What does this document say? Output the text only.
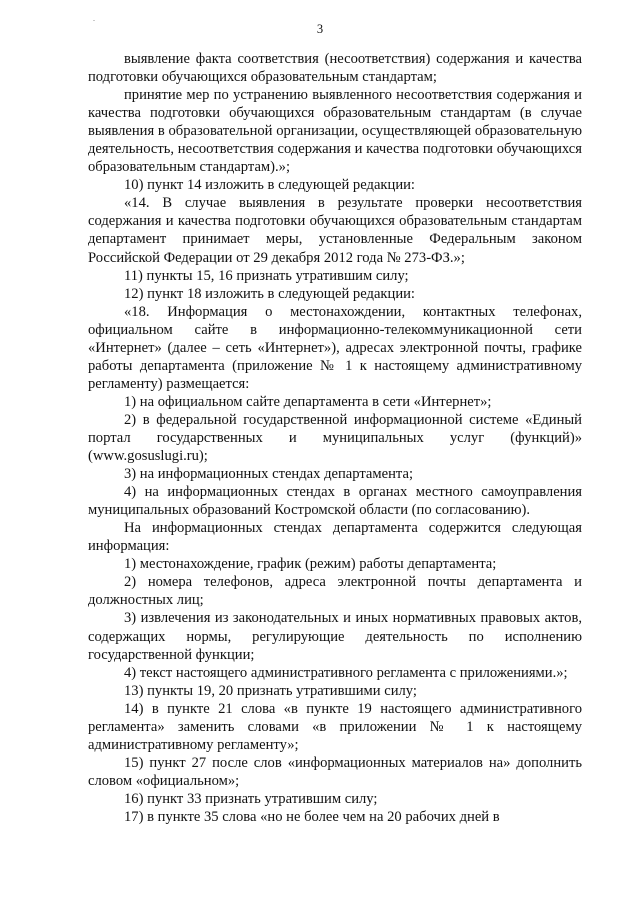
.
3

выявление факта соответствия (несоответствия) содержания и качества подготовки обучающихся образовательным стандартам;

принятие мер по устранению выявленного несоответствия содержания и качества подготовки обучающихся образовательным стандартам (в случае выявления в образовательной организации, осуществляющей образовательную деятельность, несоответствия содержания и качества подготовки обучающихся образовательным стандартам).»;

10) пункт 14 изложить в следующей редакции:

«14. В случае выявления в результате проверки несоответствия содержания и качества подготовки обучающихся образовательным стандартам департамент принимает меры, установленные Федеральным законом Российской Федерации от 29 декабря 2012 года № 273-ФЗ.»;

11) пункты 15, 16 признать утратившим силу;

12) пункт 18 изложить в следующей редакции:

«18. Информация о местонахождении, контактных телефонах, официальном сайте в информационно-телекоммуникационной сети «Интернет» (далее – сеть «Интернет»), адресах электронной почты, графике работы департамента (приложение № 1 к настоящему административному регламенту) размещается:

1) на официальном сайте департамента в сети «Интернет»;

2) в федеральной государственной информационной системе «Единый портал государственных и муниципальных услуг (функций)» (www.gosuslugi.ru);

3) на информационных стендах департамента;

4) на информационных стендах в органах местного самоуправления муниципальных образований Костромской области (по согласованию).

На информационных стендах департамента содержится следующая информация:

1) местонахождение, график (режим) работы департамента;

2) номера телефонов, адреса электронной почты департамента и должностных лиц;

3) извлечения из законодательных и иных нормативных правовых актов, содержащих нормы, регулирующие деятельность по исполнению государственной функции;

4) текст настоящего административного регламента с приложениями.»;

13) пункты 19, 20 признать утратившими силу;

14) в пункте 21 слова «в пункте 19 настоящего административного регламента» заменить словами «в приложении № 1 к настоящему административному регламенту»;

15) пункт 27 после слов «информационных материалов на» дополнить словом «официальном»;

16) пункт 33 признать утратившим силу;

17) в пункте 35 слова «но не более чем на 20 рабочих дней в
